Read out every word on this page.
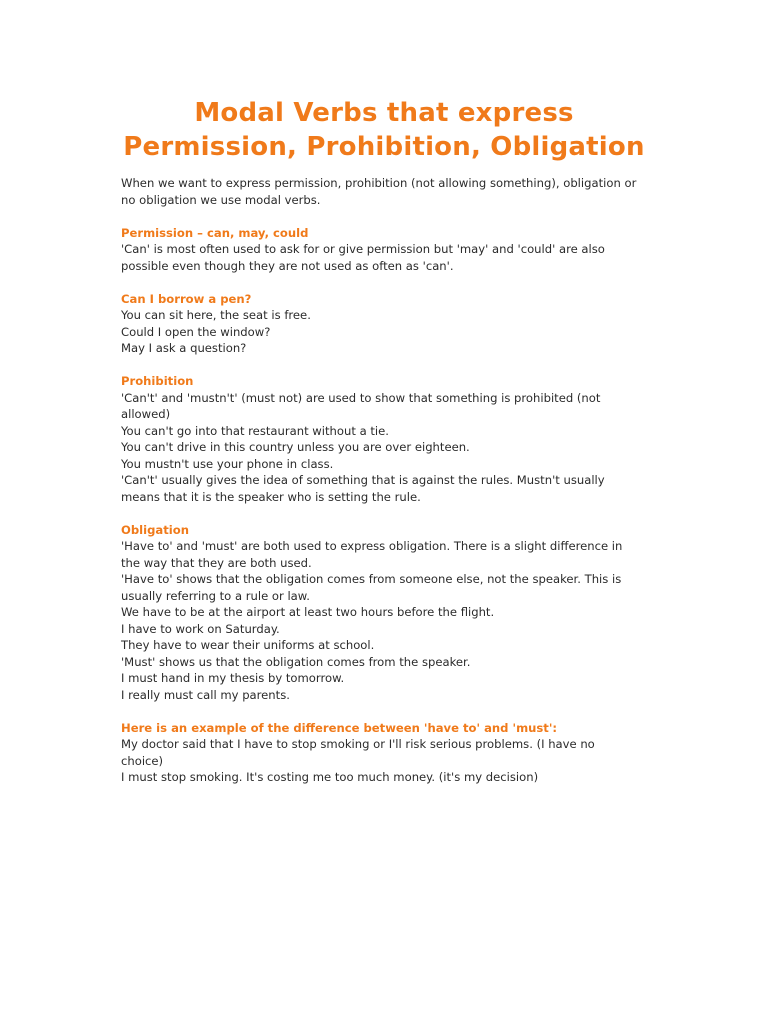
Modal Verbs that express
Permission, Prohibition, Obligation
When we want to express permission, prohibition (not allowing something), obligation or
no obligation we use modal verbs.
Permission – can, may, could
'Can' is most often used to ask for or give permission but 'may' and 'could' are also
possible even though they are not used as often as 'can'.
Can I borrow a pen?
You can sit here, the seat is free.
Could I open the window?
May I ask a question?
Prohibition
'Can't' and 'mustn't' (must not) are used to show that something is prohibited (not
allowed)
You can't go into that restaurant without a tie.
You can't drive in this country unless you are over eighteen.
You mustn't use your phone in class.
'Can't' usually gives the idea of something that is against the rules. Mustn't usually
means that it is the speaker who is setting the rule.
Obligation
'Have to' and 'must' are both used to express obligation. There is a slight difference in
the way that they are both used.
'Have to' shows that the obligation comes from someone else, not the speaker. This is
usually referring to a rule or law.
We have to be at the airport at least two hours before the flight.
I have to work on Saturday.
They have to wear their uniforms at school.
'Must' shows us that the obligation comes from the speaker.
I must hand in my thesis by tomorrow.
I really must call my parents.
Here is an example of the difference between 'have to' and 'must':
My doctor said that I have to stop smoking or I'll risk serious problems. (I have no
choice)
I must stop smoking. It's costing me too much money. (it's my decision)
